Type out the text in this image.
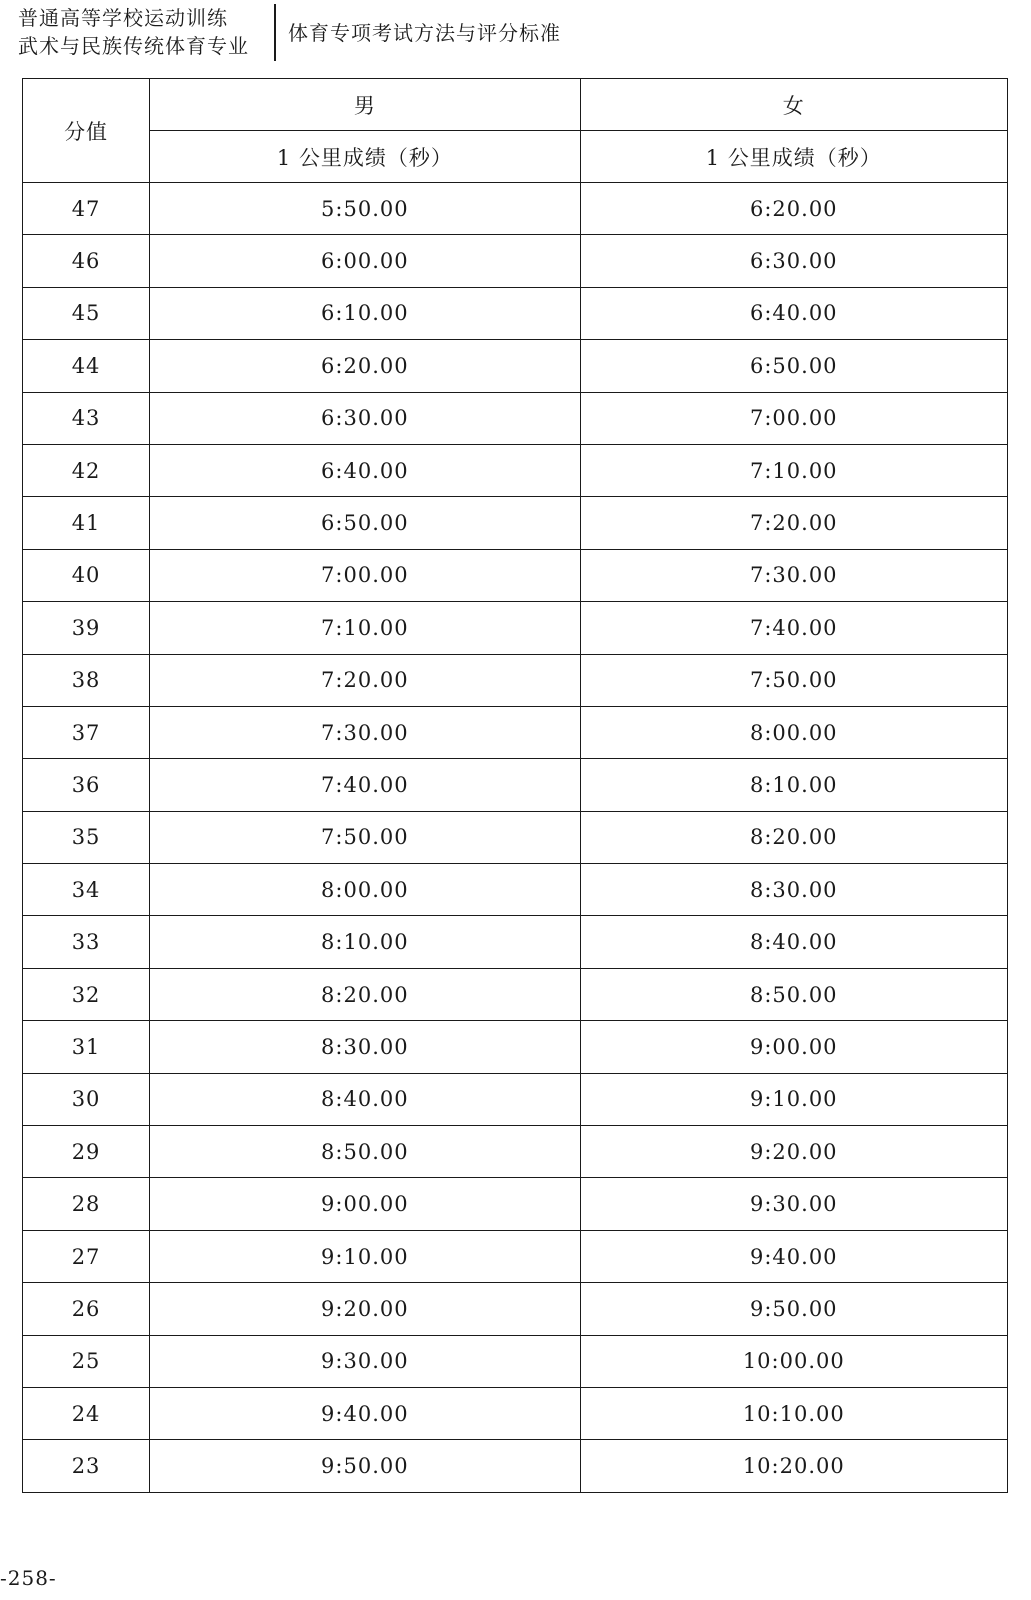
普通高等学校运动训练
武术与民族传统体育专业
体育专项考试方法与评分标准
分值	男	女
	1 公里成绩（秒）	1 公里成绩（秒）
47	5:50.00	6:20.00
46	6:00.00	6:30.00
45	6:10.00	6:40.00
44	6:20.00	6:50.00
43	6:30.00	7:00.00
42	6:40.00	7:10.00
41	6:50.00	7:20.00
40	7:00.00	7:30.00
39	7:10.00	7:40.00
38	7:20.00	7:50.00
37	7:30.00	8:00.00
36	7:40.00	8:10.00
35	7:50.00	8:20.00
34	8:00.00	8:30.00
33	8:10.00	8:40.00
32	8:20.00	8:50.00
31	8:30.00	9:00.00
30	8:40.00	9:10.00
29	8:50.00	9:20.00
28	9:00.00	9:30.00
27	9:10.00	9:40.00
26	9:20.00	9:50.00
25	9:30.00	10:00.00
24	9:40.00	10:10.00
23	9:50.00	10:20.00
-258-
